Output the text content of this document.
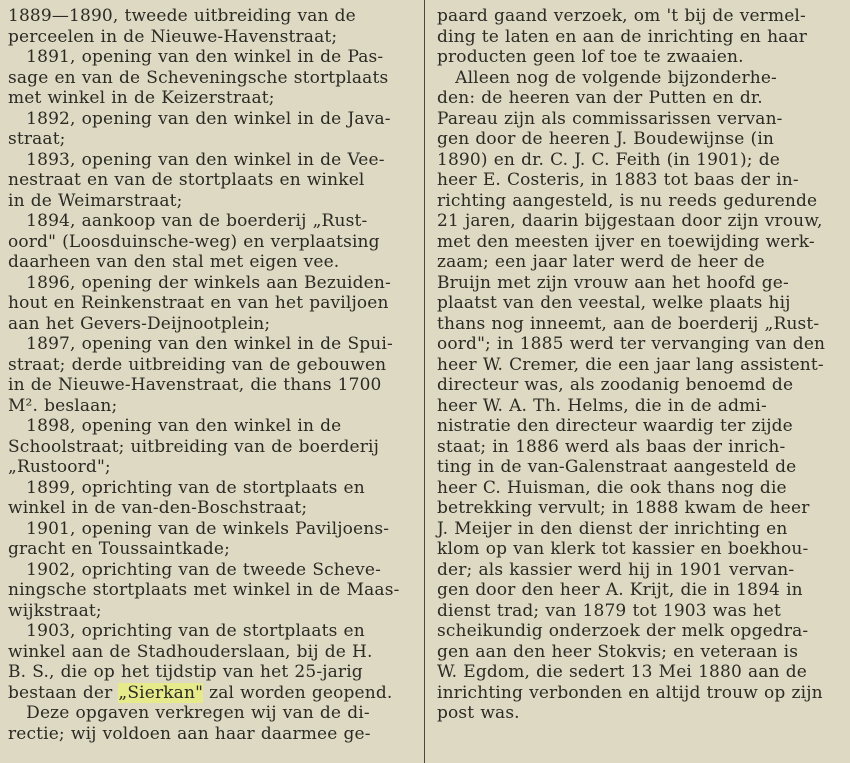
1889—1890, tweede uitbreiding van de
perceelen in de Nieuwe-Havenstraat;
1891, opening van den winkel in de Pas-
sage en van de Scheveningsche stortplaats
met winkel in de Keizerstraat;
1892, opening van den winkel in de Java-
straat;
1893, opening van den winkel in de Vee-
nestraat en van de stortplaats en winkel
in de Weimarstraat;
1894, aankoop van de boerderij „Rust-
oord" (Loosduinsche-weg) en verplaatsing
daarheen van den stal met eigen vee.
1896, opening der winkels aan Bezuiden-
hout en Reinkenstraat en van het paviljoen
aan het Gevers-Deijnootplein;
1897, opening van den winkel in de Spui-
straat; derde uitbreiding van de gebouwen
in de Nieuwe-Havenstraat, die thans 1700
M². beslaan;
1898, opening van den winkel in de
Schoolstraat; uitbreiding van de boerderij
„Rustoord";
1899, oprichting van de stortplaats en
winkel in de van-den-Boschstraat;
1901, opening van de winkels Paviljoens-
gracht en Toussaintkade;
1902, oprichting van de tweede Scheve-
ningsche stortplaats met winkel in de Maas-
wijkstraat;
1903, oprichting van de stortplaats en
winkel aan de Stadhouderslaan, bij de H.
B. S., die op het tijdstip van het 25-jarig
bestaan der „Sierkan" zal worden geopend.
Deze opgaven verkregen wij van de di-
rectie; wij voldoen aan haar daarmee ge-
paard gaand verzoek, om 't bij de vermel-
ding te laten en aan de inrichting en haar
producten geen lof toe te zwaaien.
Alleen nog de volgende bijzonderhe-
den: de heeren van der Putten en dr.
Pareau zijn als commissarissen vervan-
gen door de heeren J. Boudewijnse (in
1890) en dr. C. J. C. Feith (in 1901); de
heer E. Costeris, in 1883 tot baas der in-
richting aangesteld, is nu reeds gedurende
21 jaren, daarin bijgestaan door zijn vrouw,
met den meesten ijver en toewijding werk-
zaam; een jaar later werd de heer de
Bruijn met zijn vrouw aan het hoofd ge-
plaatst van den veestal, welke plaats hij
thans nog inneemt, aan de boerderij „Rust-
oord"; in 1885 werd ter vervanging van den
heer W. Cremer, die een jaar lang assistent-
directeur was, als zoodanig benoemd de
heer W. A. Th. Helms, die in de admi-
nistratie den directeur waardig ter zijde
staat; in 1886 werd als baas der inrich-
ting in de van-Galenstraat aangesteld de
heer C. Huisman, die ook thans nog die
betrekking vervult; in 1888 kwam de heer
J. Meijer in den dienst der inrichting en
klom op van klerk tot kassier en boekhou-
der; als kassier werd hij in 1901 vervan-
gen door den heer A. Krijt, die in 1894 in
dienst trad; van 1879 tot 1903 was het
scheikundig onderzoek der melk opgedra-
gen aan den heer Stokvis; en veteraan is
W. Egdom, die sedert 13 Mei 1880 aan de
inrichting verbonden en altijd trouw op zijn
post was.
